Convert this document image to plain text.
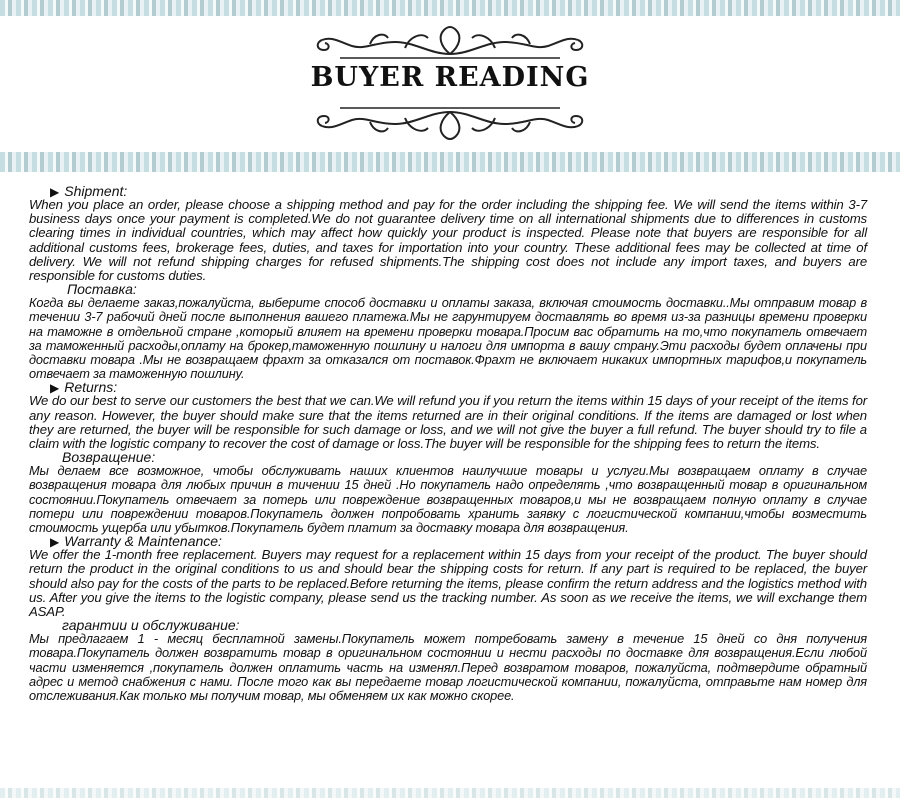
BUYER READING
▶ Shipment:
When you place an order, please choose a shipping method and pay for the order including the shipping fee. We will send the items within 3-7 business days once your payment is completed.We do not guarantee delivery time on all international shipments due to differences in customs clearing times in individual countries, which may affect how quickly your product is inspected. Please note that buyers are responsible for all additional customs fees, brokerage fees, duties, and taxes for importation into your country. These additional fees may be collected at time of delivery. We will not refund shipping charges for refused shipments.The shipping cost does not include any import taxes, and buyers are responsible for customs duties.
Поставка:
Когда вы делаете заказ,пожалуйста, выберите способ доставки и оплаты заказа, включая стоимость доставки..Мы отправим товар в течении 3-7 рабочий дней после выполнения вашего платежа.Мы не гарунтируем доставлять во время из-за разницы времени проверки на таможне в отдельной стране ,который влияет на времени проверки товара.Просим вас обратить на то,что покупатель отвечает за таможенный расходы,оплату на брокер,таможенную пошлину и налоги для импорта в вашу страну.Эти расходы будет оплачены при доставки товара .Мы не возвращаем фрахт за отказался от поставок.Фрахт не включает никаких импортных тарифов,и покупатель отвечает за таможенную пошлину.
▶ Returns:
We do our best to serve our customers the best that we can.We will refund you if you return the items within 15 days of your receipt of the items for any reason. However, the buyer should make sure that the items returned are in their original conditions. If the items are damaged or lost when they are returned, the buyer will be responsible for such damage or loss, and we will not give the buyer a full refund. The buyer should try to file a claim with the logistic company to recover the cost of damage or loss.The buyer will be responsible for the shipping fees to return the items.
Возвращение:
Мы делаем все возможное, чтобы обслуживать наших клиентов наилучшие товары и услуги.Мы возвращаем оплату в случае возвращения товара для любых причин в тичении 15 дней .Но покупатель надо определять ,что возвращенный товар в оригинальном состоянии.Покупатель отвечает за потерь или повреждение возвращенных товаров,и мы не возвращаем полную оплату в случае потери или повреждении товаров.Покупатель должен попробовать хранить заявку с логистической компании,чтобы возместить стоимость ущерба или убытков.Покупатель будет платит за доставку товара для возвращения.
▶ Warranty & Maintenance:
We offer the 1-month free replacement. Buyers may request for a replacement within 15 days from your receipt of the product. The buyer should return the product in the original conditions to us and should bear the shipping costs for return. If any part is required to be replaced, the buyer should also pay for the costs of the parts to be replaced.Before returning the items, please confirm the return address and the logistics method with us. After you give the items to the logistic company, please send us the tracking number. As soon as we receive the items, we will exchange them ASAP.
гарантии и обслуживание:
Мы предлагаем 1 - месяц бесплатной замены.Покупатель может потребовать замену в течение 15 дней со дня получения товара.Покупатель должен возвратить товар в оригинальном состоянии и нести расходы по доставке для возвращения.Если любой части изменяется ,покупатель должен оплатить часть на изменял.Перед возвратом товаров, пожалуйста, подтвердите обратный адрес и метод снабжения с нами. После того как вы передаете товар логистической компании, пожалуйста, отправьте нам номер для отслеживания.Как только мы получим товар, мы обменяем их как можно скорее.
